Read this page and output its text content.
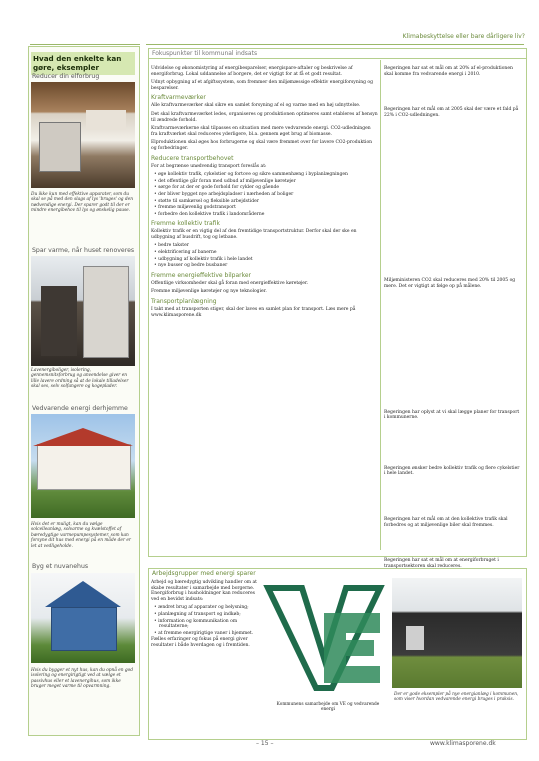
Klimabeskyttelse eller bare dårligere liv?
Hvad den enkelte kan gøre, eksempler
Reducer din elforbrug
Du ikke kun med effektive apparater, som du skal se på med den slags af lys 'bruges' og den nødvendige energi. Der sparer godt til der er mindre energibehov til lys og ønskelig pause.
Spar varme, når huset renoveres
Lavenergiboliger, isolering, gennemsnitsforbrug og anvendelse giver en lille lavere ordning så at de lokale tilladelser skal ses, selv solfangere og kogeplader.
Vedvarende energi derhjemme
Hvis det er muligt, kan du vælge solcelleanlæg, solvarme og kvælstoffet af bæredygtige varmepumpesystemer, som kan forsyne dit hus med energi på en måde der er let at vedligeholde.
Byg et nuvanehus
Hvis du bygger et nyt hus, kan du opnå en god isolering og energirigtigt ved at vælge et passivhus eller et lavenergihus, som ikke bruger meget varme til opvarmning.
Fokuspunkter til kommunal indsats
Udvidelse og økonomistyring af energibesparelser, energispare-aftaler og beskrivelse af energiforbrug. Lokal uddannelse af borgere, det er vigtigt for at få et godt resultat.
Udnyt opbygning af et afgiftssystem, som fremmer den miljømæssige effektiv energiforsyning og besparelser.
Kraftvarmeværker
Alle kraftvarmeværker skal sikre en samlet forsyning af el og varme med en høj udnyttelse.
Det skal kraftvarmeværket ledes, organiseres og produktionen optimeres samt etableres af hensyn til ændrede forhold.
Kraftvarmeværkerne skal tilpasses en situation med mere vedvarende energi. CO2-udledningen fra kraftværket skal reduceres yderligere, bl.a. gennem øget brug af biomasse.
Elproduktionen skal øges hos forbrugerne og skal være fremmet over for lavere CO2-produktion og forbedringer.
Reducere transportbehovet
For at begrænse unødvendig transport foreslås at:
• øge kollektiv trafik, cykelstier og fortove og sikre sammenhæng i byplanlægningen
• det offentlige går foran med udbud af miljøvenlige køretøjer
• sørge for at der er gode forhold for cykler og gående
• der bliver bygget nye arbejdspladser i nærheden af boliger
• støtte til samkørsel og fleksible arbejdstider
• fremme miljøvenlig godstransport
• forbedre den kollektive trafik i landområderne
Fremme kollektiv trafik
Kollektiv trafik er en vigtig del af den fremtidige transportstruktur. Derfor skal der ske en udbygning af busdrift, tog og letbane.
• bedre takster
• elektrificering af banerne
• udbygning af kollektiv trafik i hele landet
• nye busser og bedre busbaner
Fremme energieffektive bilparker
Offentlige virksomheder skal gå foran med energieffektive køretøjer.
Fremme miljøvenlige køretøjer og nye teknologier.
Transportplanlægning
I takt med at transporten stiger, skal der laves en samlet plan for transport. Læs mere på www.klimasporene.dk
Regeringen har sat et mål om at 20% af el-produktionen skal komme fra vedvarende energi i 2010.
Regeringen har et mål om at 2005 skal der være et fald på 22% i CO2-udledningen.
Miljøministeren CO2 skal reduceres med 20% til 2005 og mere. Det er vigtigt at følge op på målene.
Regeringen har oplyst at vi skal lægge planer for transport i kommunerne.
Regeringen ønsker bedre kollektiv trafik og flere cykelstier i hele landet.
Regeringen har et mål om at den kollektive trafik skal forbedres og at miljøvenlige biler skal fremmes.
Regeringen har sat et mål om at energiforbruget i transportsektoren skal reduceres.
Arbejdsgrupper med energi sparer
Arbejd og bæredygtig udvikling handler om at skabe resultater i samarbejde med borgerne. Energiforbrug i husholdninger kan reduceres ved en bevidst indsats:
• ændret brug af apparater og belysning;
• planlægning af transport og indkøb;
• information og kommunikation om resultaterne;
• at fremme energirigtige vaner i hjemmet.
Fælles erfaringer og fokus på energi giver resultater i både hverdagen og i fremtiden.
Kommunens samarbejde om VE og vedvarende energi
Der er gode eksempler på nye energianlæg i kommunen, som viser hvordan vedvarende energi bruges i praksis.
– 15 –	www.klimasporene.dk
